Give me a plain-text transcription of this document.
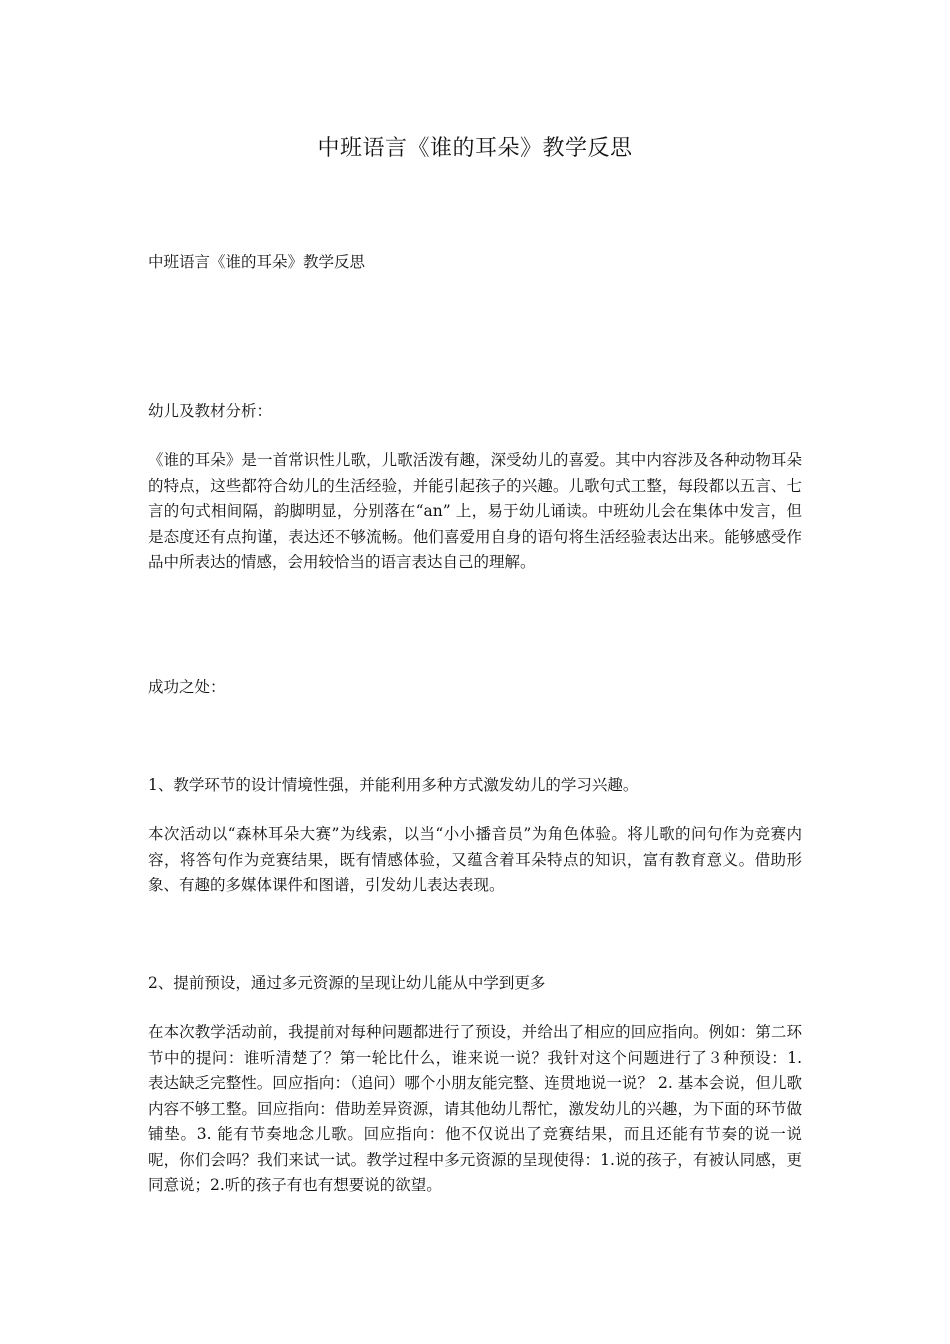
中班语言《谁的耳朵》教学反思
中班语言《谁的耳朵》教学反思
幼儿及教材分析：
《谁的耳朵》是一首常识性儿歌，儿歌活泼有趣，深受幼儿的喜爱。其中内容涉及各种动物耳朵的特点，这些都符合幼儿的生活经验，并能引起孩子的兴趣。儿歌句式工整，每段都以五言、七言的句式相间隔，韵脚明显，分别落在“an” 上，易于幼儿诵读。中班幼儿会在集体中发言，但是态度还有点拘谨，表达还不够流畅。他们喜爱用自身的语句将生活经验表达出来。能够感受作品中所表达的情感，会用较恰当的语言表达自己的理解。
成功之处：
1、教学环节的设计情境性强，并能利用多种方式激发幼儿的学习兴趣。
本次活动以“森林耳朵大赛”为线索，以当“小小播音员”为角色体验。将儿歌的问句作为竞赛内容，将答句作为竞赛结果，既有情感体验，又蕴含着耳朵特点的知识，富有教育意义。借助形象、有趣的多媒体课件和图谱，引发幼儿表达表现。
2、提前预设，通过多元资源的呈现让幼儿能从中学到更多
在本次教学活动前，我提前对每种问题都进行了预设，并给出了相应的回应指向。例如：第二环节中的提问：谁听清楚了？第一轮比什么，谁来说一说？我针对这个问题进行了３种预设：1. 表达缺乏完整性。回应指向：（追问）哪个小朋友能完整、连贯地说一说？ 2. 基本会说，但儿歌内容不够工整。回应指向：借助差异资源，请其他幼儿帮忙，激发幼儿的兴趣，为下面的环节做铺垫。3. 能有节奏地念儿歌。回应指向：他不仅说出了竞赛结果，而且还能有节奏的说一说呢，你们会吗？我们来试一试。教学过程中多元资源的呈现使得：1.说的孩子，有被认同感，更同意说；2.听的孩子有也有想要说的欲望。
